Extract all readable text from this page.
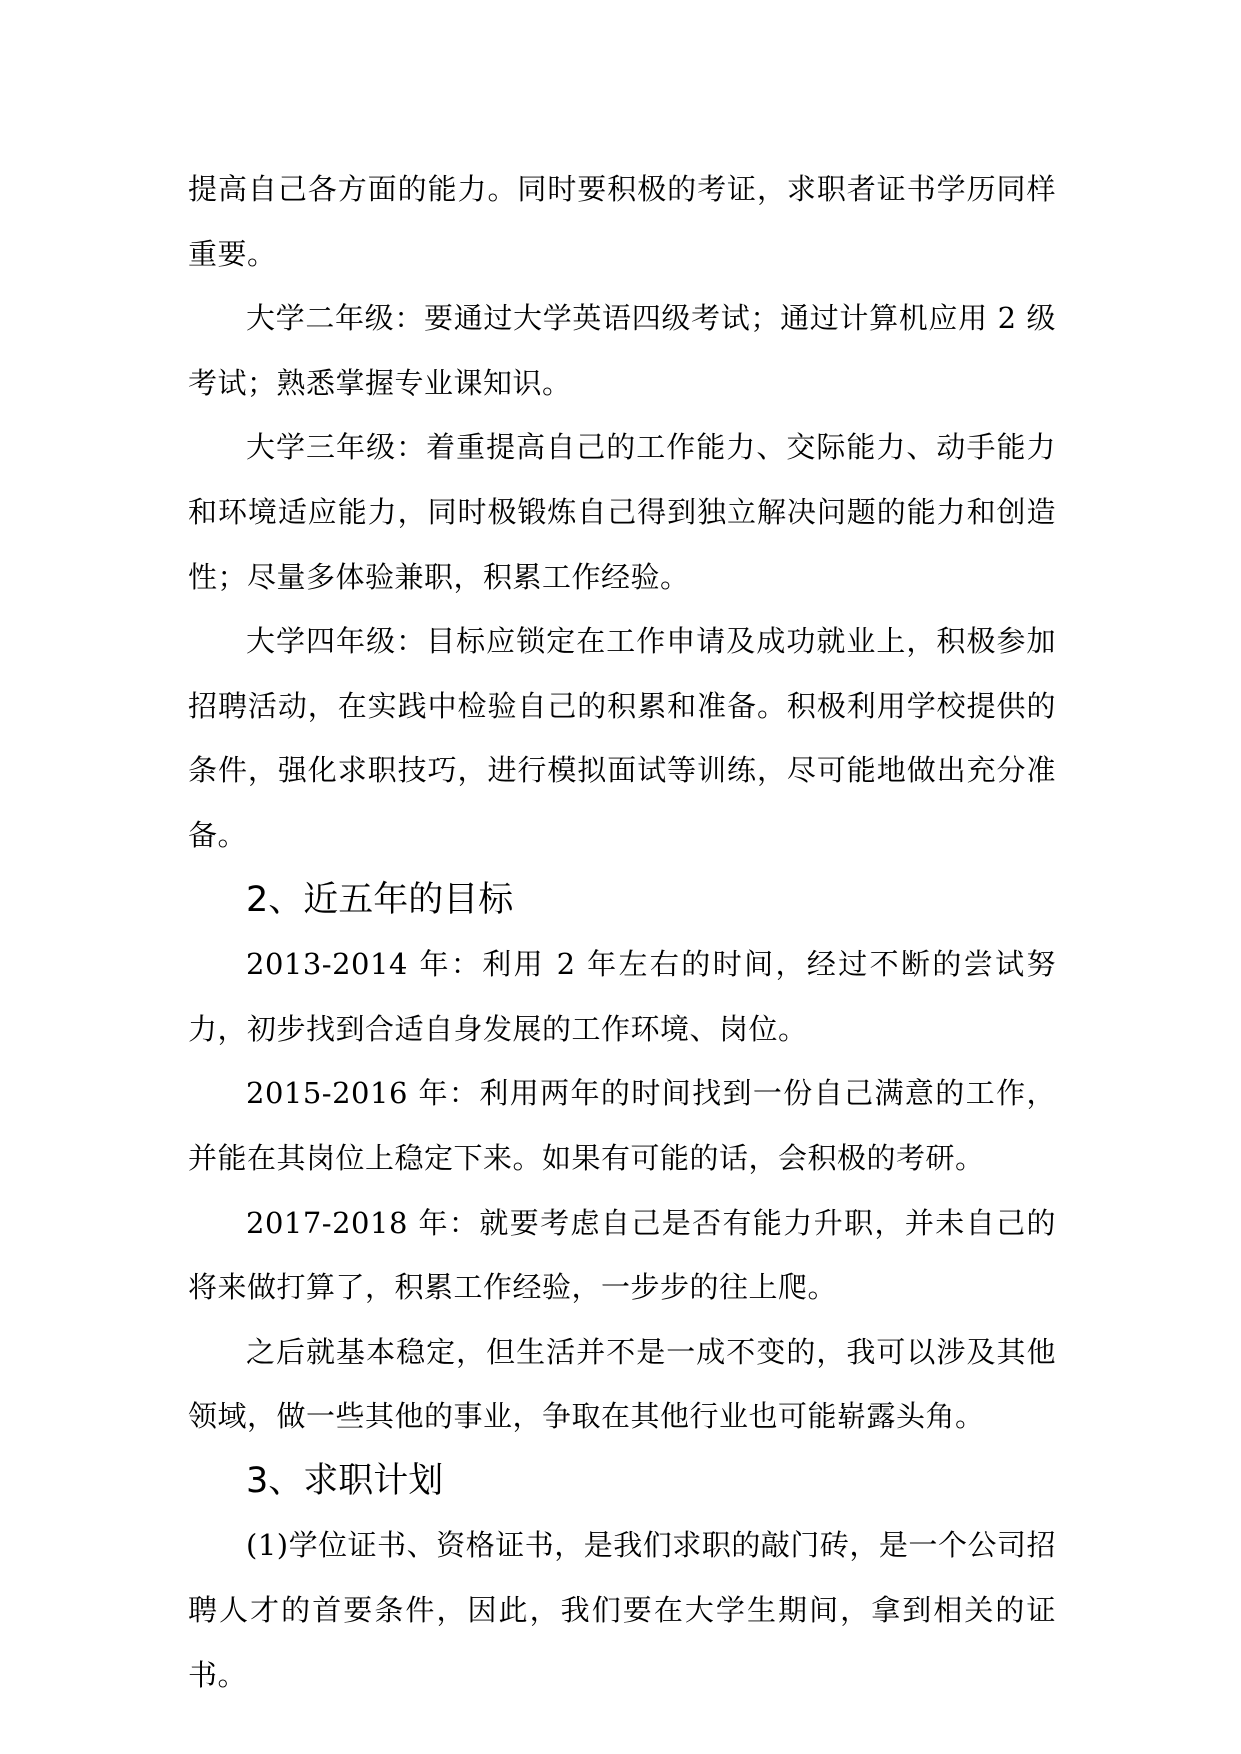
提高自己各方面的能力。同时要积极的考证，求职者证书学历同样重要。

大学二年级：要通过大学英语四级考试；通过计算机应用 2 级考试；熟悉掌握专业课知识。

大学三年级：着重提高自己的工作能力、交际能力、动手能力和环境适应能力，同时极锻炼自己得到独立解决问题的能力和创造性；尽量多体验兼职，积累工作经验。

大学四年级：目标应锁定在工作申请及成功就业上，积极参加招聘活动，在实践中检验自己的积累和准备。积极利用学校提供的条件，强化求职技巧，进行模拟面试等训练，尽可能地做出充分准备。

2、近五年的目标

2013-2014 年：利用 2 年左右的时间，经过不断的尝试努力，初步找到合适自身发展的工作环境、岗位。

2015-2016 年：利用两年的时间找到一份自己满意的工作，并能在其岗位上稳定下来。如果有可能的话，会积极的考研。

2017-2018 年：就要考虑自己是否有能力升职，并未自己的将来做打算了，积累工作经验，一步步的往上爬。

之后就基本稳定，但生活并不是一成不变的，我可以涉及其他领域，做一些其他的事业，争取在其他行业也可能崭露头角。

3、求职计划

(1)学位证书、资格证书，是我们求职的敲门砖，是一个公司招聘人才的首要条件，因此，我们要在大学生期间，拿到相关的证书。
